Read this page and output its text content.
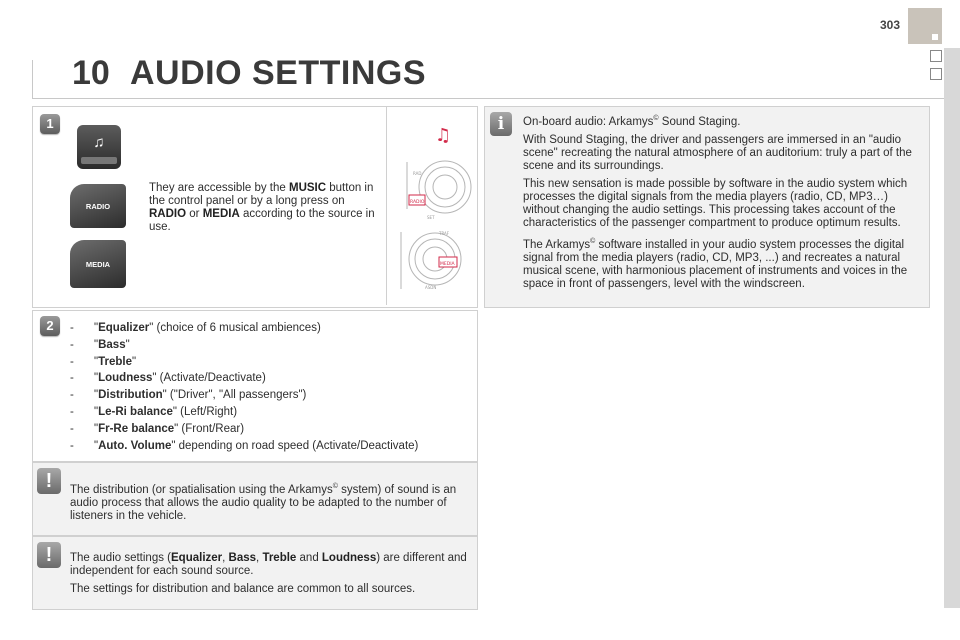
303
10 AUDIO SETTINGS
1
♫
RADIO
MEDIA
They are accessible by the MUSIC button in the control panel or by a long press on RADIO or MEDIA according to the source in use.
♫
RADIO
MEDIA
RAD
SET
TRAF
ASDN
2	- "Equalizer" (choice of 6 musical ambiences)
- "Bass"
- "Treble"
- "Loudness" (Activate/Deactivate)
- "Distribution" ("Driver", "All passengers")
- "Le-Ri balance" (Left/Right)
- "Fr-Re balance" (Front/Rear)
- "Auto. Volume" depending on road speed (Activate/Deactivate)
!	The distribution (or spatialisation using the Arkamys© system) of sound is an audio process that allows the audio quality to be adapted to the number of listeners in the vehicle.
!	The audio settings (Equalizer, Bass, Treble and Loudness) are different and independent for each sound source.

The settings for distribution and balance are common to all sources.

i	On-board audio: Arkamys© Sound Staging.

With Sound Staging, the driver and passengers are immersed in an "audio scene" recreating the natural atmosphere of an auditorium: truly a part of the scene and its surroundings.

This new sensation is made possible by software in the audio system which processes the digital signals from the media players (radio, CD, MP3…) without changing the audio settings. This processing takes account of the characteristics of the passenger compartment to produce optimum results.

The Arkamys© software installed in your audio system processes the digital signal from the media players (radio, CD, MP3, ...) and recreates a natural musical scene, with harmonious placement of instruments and voices in the space in front of passengers, level with the windscreen.
